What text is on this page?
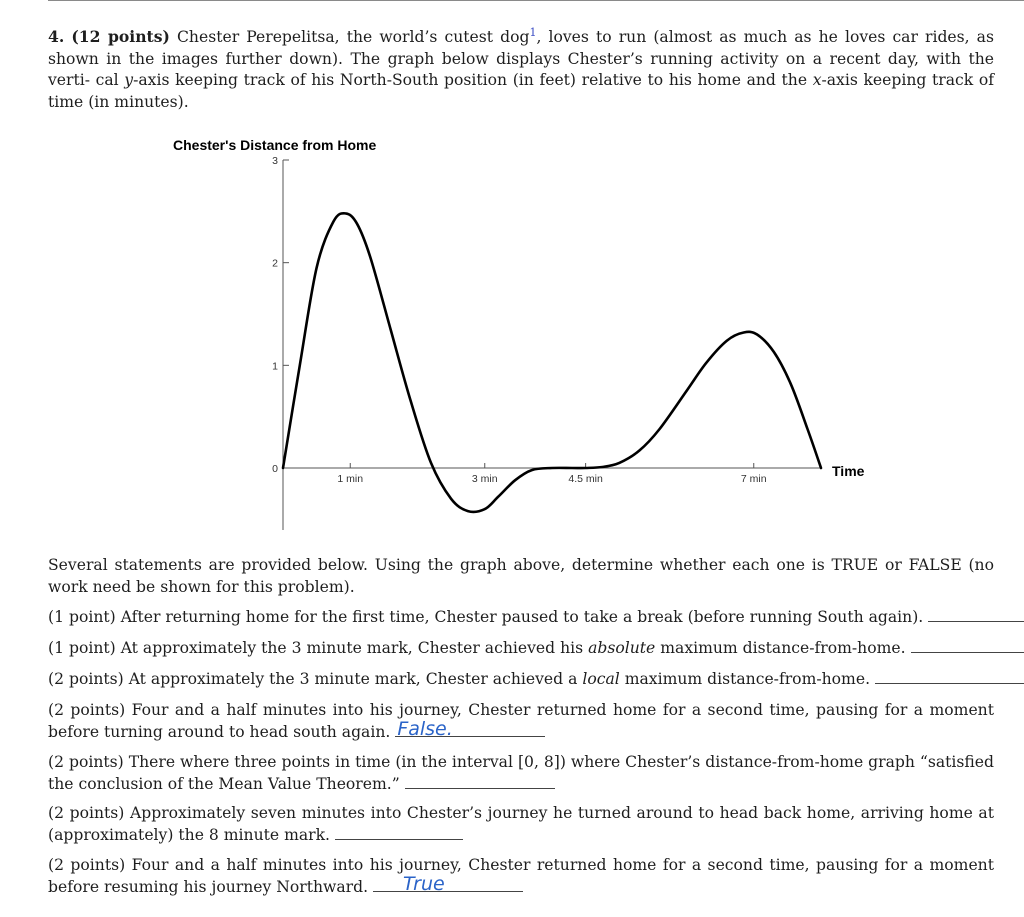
4. (12 points) Chester Perepelitsa, the world’s cutest dog$^1$, loves to run (almost as much as he loves car rides, as shown in the images further down). The graph below displays Chester’s running activity on a recent day, with the verti- cal y-axis keeping track of his North-South position (in feet) relative to his home and the x-axis keeping track of time (in minutes).
Chester's Distance from Home
0
1
2
3
1 min	3 min	4.5 min	7 min	Time
Several statements are provided below. Using the graph above, determine whether each one is TRUE or FALSE (no work need be shown for this problem).
(1 point) After returning home for the first time, Chester paused to take a break (before running South again).
(1 point) At approximately the 3 minute mark, Chester achieved his absolute maximum distance-from-home.
(2 points) At approximately the 3 minute mark, Chester achieved a local maximum distance-from-home.
(2 points) Four and a half minutes into his journey, Chester returned home for a second time, pausing for a moment before turning around to head south again. False.
(2 points) There where three points in time (in the interval [0, 8]) where Chester’s distance-from-home graph “satisfied the conclusion of the Mean Value Theorem.”
(2 points) Approximately seven minutes into Chester’s journey he turned around to head back home, arriving home at (approximately) the 8 minute mark.
(2 points) Four and a half minutes into his journey, Chester returned home for a second time, pausing for a moment before resuming his journey Northward. True
